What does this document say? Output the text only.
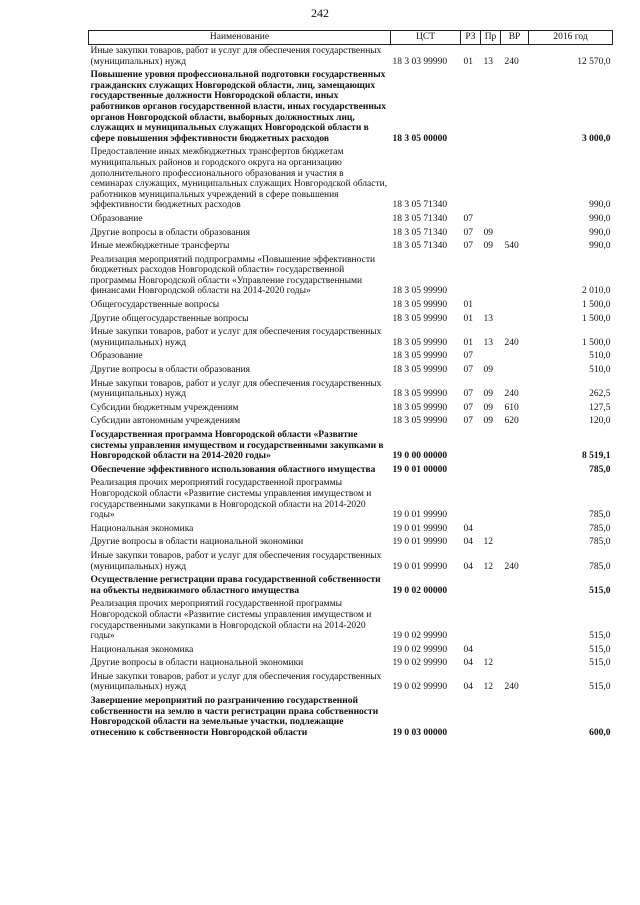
242
Наименование	ЦСТ	РЗ	Пр	ВР	2016 год
Иные закупки товаров, работ и услуг для обеспечения государственных (муниципальных) нужд	18 3 03 99990	01	13	240	12 570,0
Повышение уровня профессиональной подготовки государственных гражданских служащих Новгородской области, лиц, замещающих государственные должности Новгородской области, иных работников органов государственной власти, иных государственных органов Новгородской области, выборных должностных лиц, служащих и муниципальных служащих Новгородской области в сфере повышения эффективности бюджетных расходов	18 3 05 00000				3 000,0
Предоставление иных межбюджетных трансфертов бюджетам муниципальных районов и городского округа на организацию дополнительного профессионального образования и участия в семинарах служащих, муниципальных служащих Новгородской области, работников муниципальных учреждений в сфере повышения эффективности бюджетных расходов	18 3 05 71340				990,0
Образование	18 3 05 71340	07			990,0
Другие вопросы в области образования	18 3 05 71340	07	09		990,0
Иные межбюджетные трансферты	18 3 05 71340	07	09	540	990,0
Реализация мероприятий подпрограммы «Повышение эффективности бюджетных расходов Новгородской области» государственной программы Новгородской области «Управление государственными финансами Новгородской области на 2014-2020 годы»	18 3 05 99990				2 010,0
Общегосударственные вопросы	18 3 05 99990	01			1 500,0
Другие общегосударственные вопросы	18 3 05 99990	01	13		1 500,0
Иные закупки товаров, работ и услуг для обеспечения государственных (муниципальных) нужд	18 3 05 99990	01	13	240	1 500,0
Образование	18 3 05 99990	07			510,0
Другие вопросы в области образования	18 3 05 99990	07	09		510,0
Иные закупки товаров, работ и услуг для обеспечения государственных (муниципальных) нужд	18 3 05 99990	07	09	240	262,5
Субсидии бюджетным учреждениям	18 3 05 99990	07	09	610	127,5
Субсидии автономным учреждениям	18 3 05 99990	07	09	620	120,0
Государственная программа Новгородской области «Развитие системы управления имуществом и государственными закупками в Новгородской области на 2014-2020 годы»	19 0 00 00000				8 519,1
Обеспечение эффективного использования областного имущества	19 0 01 00000				785,0
Реализация прочих мероприятий государственной программы Новгородской области «Развитие системы управления имуществом и государственными закупками в Новгородской области на 2014-2020 годы»	19 0 01 99990				785,0
Национальная экономика	19 0 01 99990	04			785,0
Другие вопросы в области национальной экономики	19 0 01 99990	04	12		785,0
Иные закупки товаров, работ и услуг для обеспечения государственных (муниципальных) нужд	19 0 01 99990	04	12	240	785,0
Осуществление регистрации права государственной собственности на объекты недвижимого областного имущества	19 0 02 00000				515,0
Реализация прочих мероприятий государственной программы Новгородской области «Развитие системы управления имуществом и государственными закупками в Новгородской области на 2014-2020 годы»	19 0 02 99990				515,0
Национальная экономика	19 0 02 99990	04			515,0
Другие вопросы в области национальной экономики	19 0 02 99990	04	12		515,0
Иные закупки товаров, работ и услуг для обеспечения государственных (муниципальных) нужд	19 0 02 99990	04	12	240	515,0
Завершение мероприятий по разграничению государственной собственности на землю в части регистрации права собственности Новгородской области на земельные участки, подлежащие отнесению к собственности Новгородской области	19 0 03 00000				600,0
